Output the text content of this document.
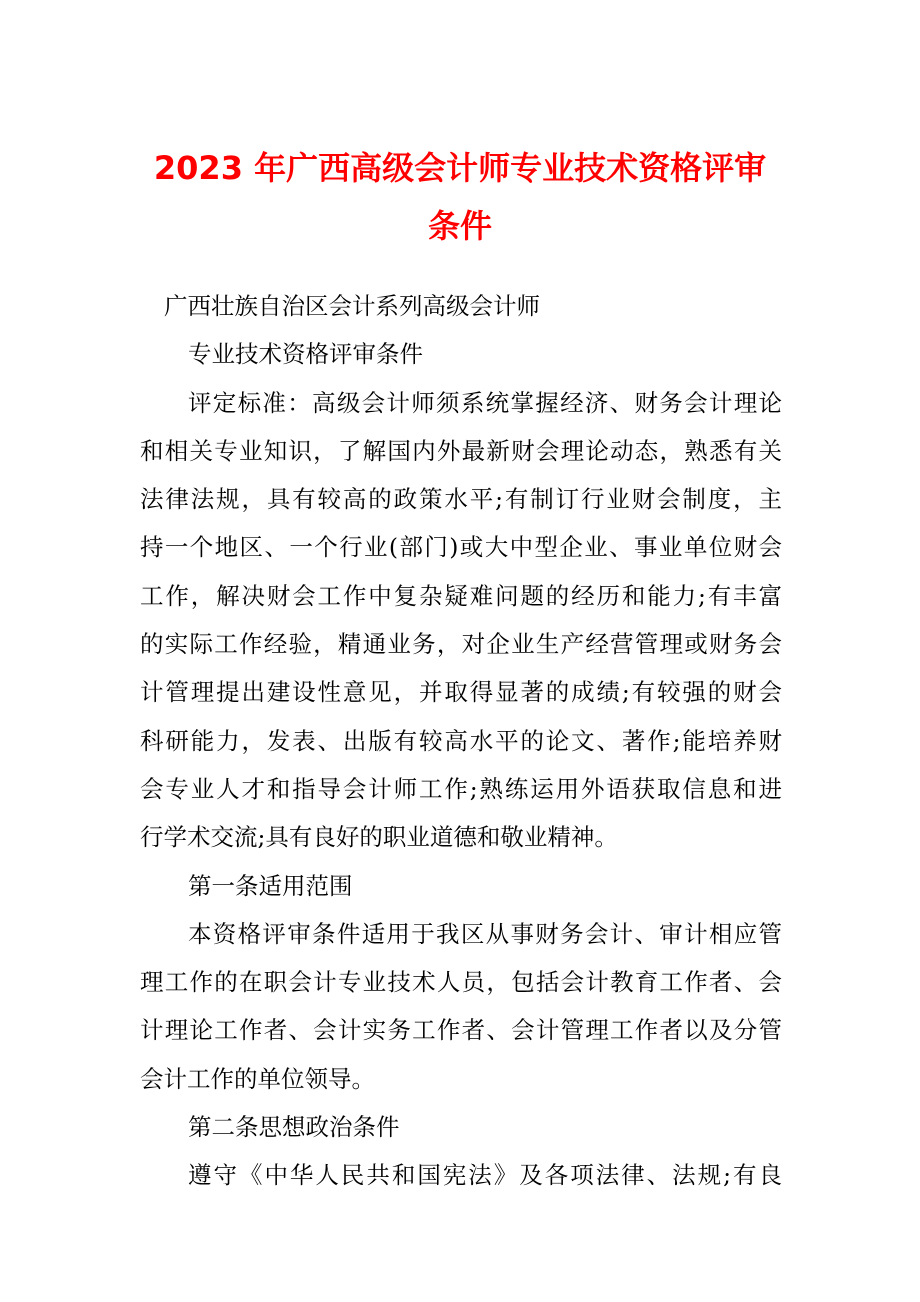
2023 年广西高级会计师专业技术资格评审
条件
广西壮族自治区会计系列高级会计师
专业技术资格评审条件
评定标准：高级会计师须系统掌握经济、财务会计理论
和相关专业知识，了解国内外最新财会理论动态，熟悉有关
法律法规，具有较高的政策水平;有制订行业财会制度，主
持一个地区、一个行业(部门)或大中型企业、事业单位财会
工作，解决财会工作中复杂疑难问题的经历和能力;有丰富
的实际工作经验，精通业务，对企业生产经营管理或财务会
计管理提出建设性意见，并取得显著的成绩;有较强的财会
科研能力，发表、出版有较高水平的论文、著作;能培养财
会专业人才和指导会计师工作;熟练运用外语获取信息和进
行学术交流;具有良好的职业道德和敬业精神。
第一条适用范围
本资格评审条件适用于我区从事财务会计、审计相应管
理工作的在职会计专业技术人员，包括会计教育工作者、会
计理论工作者、会计实务工作者、会计管理工作者以及分管
会计工作的单位领导。
第二条思想政治条件
遵守《中华人民共和国宪法》及各项法律、法规;有良
